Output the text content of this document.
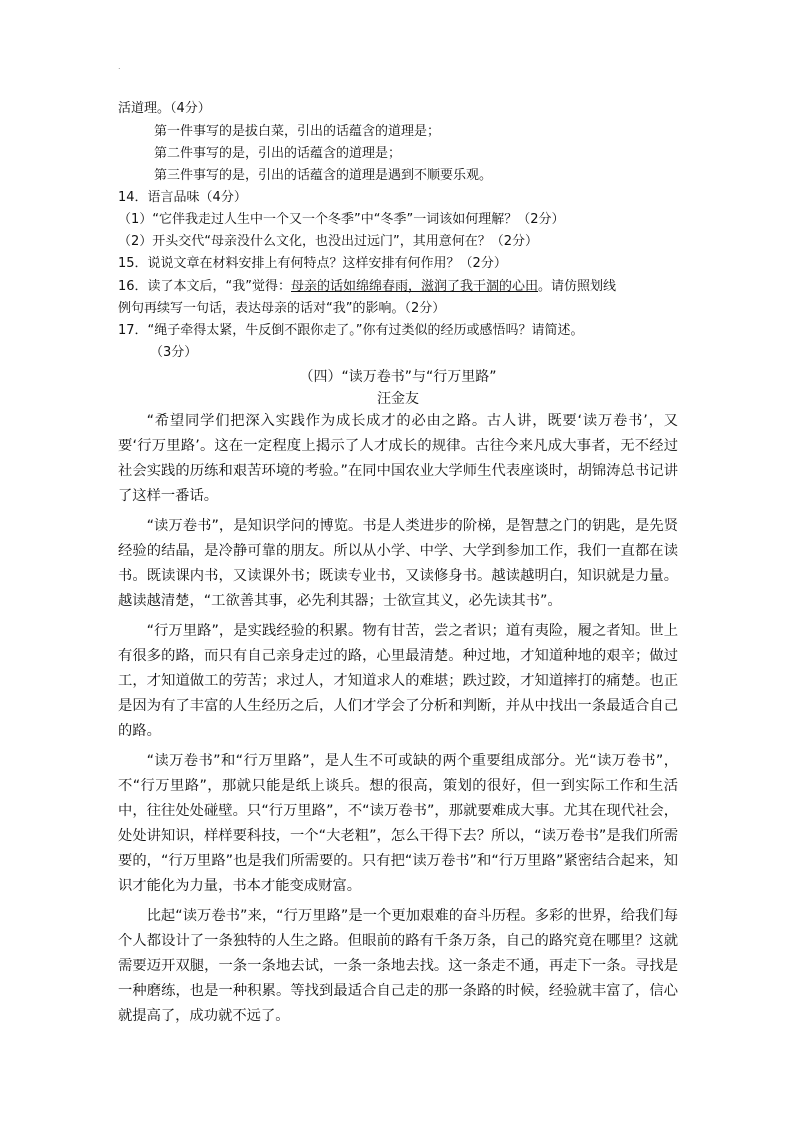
.
活道理。（4分）
第一件事写的是拔白菜，引出的话蕴含的道理是；
第二件事写的是，引出的话蕴含的道理是；
第三件事写的是，引出的话蕴含的道理是遇到不顺要乐观。
14．语言品味（4分）
（1）“它伴我走过人生中一个又一个冬季”中“冬季”一词该如何理解？（2分）
（2）开头交代“母亲没什么文化，也没出过远门”，其用意何在？（2分）
15．说说文章在材料安排上有何特点？这样安排有何作用？（2分）
16．读了本文后，“我”觉得：母亲的话如绵绵春雨，滋润了我干涸的心田。请仿照划线
例句再续写一句话，表达母亲的话对“我”的影响。（2分）
17．“绳子牵得太紧，牛反倒不跟你走了。”你有过类似的经历或感悟吗？请简述。
（3分）
（四）“读万卷书”与“行万里路”
汪金友

“希望同学们把深入实践作为成长成才的必由之路。古人讲，既要‘读万卷书’，又要‘行万里路’。这在一定程度上揭示了人才成长的规律。古往今来凡成大事者，无不经过社会实践的历练和艰苦环境的考验。”在同中国农业大学师生代表座谈时，胡锦涛总书记讲了这样一番话。

“读万卷书”，是知识学问的博览。书是人类进步的阶梯，是智慧之门的钥匙，是先贤经验的结晶，是冷静可靠的朋友。所以从小学、中学、大学到参加工作，我们一直都在读书。既读课内书，又读课外书；既读专业书，又读修身书。越读越明白，知识就是力量。越读越清楚，“工欲善其事，必先利其器；士欲宣其义，必先读其书”。

“行万里路”，是实践经验的积累。物有甘苦，尝之者识；道有夷险，履之者知。世上有很多的路，而只有自己亲身走过的路，心里最清楚。种过地，才知道种地的艰辛；做过工，才知道做工的劳苦；求过人，才知道求人的难堪；跌过跤，才知道摔打的痛楚。也正是因为有了丰富的人生经历之后，人们才学会了分析和判断，并从中找出一条最适合自己的路。

“读万卷书”和“行万里路”，是人生不可或缺的两个重要组成部分。光“读万卷书”，不“行万里路”，那就只能是纸上谈兵。想的很高，策划的很好，但一到实际工作和生活中，往往处处碰壁。只“行万里路”，不“读万卷书”，那就要难成大事。尤其在现代社会，处处讲知识，样样要科技，一个“大老粗”，怎么干得下去？所以，“读万卷书”是我们所需要的，“行万里路”也是我们所需要的。只有把“读万卷书”和“行万里路”紧密结合起来，知识才能化为力量，书本才能变成财富。

比起“读万卷书”来，“行万里路”是一个更加艰难的奋斗历程。多彩的世界，给我们每个人都设计了一条独特的人生之路。但眼前的路有千条万条，自己的路究竟在哪里？这就需要迈开双腿，一条一条地去试，一条一条地去找。这一条走不通，再走下一条。寻找是一种磨练，也是一种积累。等找到最适合自己走的那一条路的时候，经验就丰富了，信心就提高了，成功就不远了。
